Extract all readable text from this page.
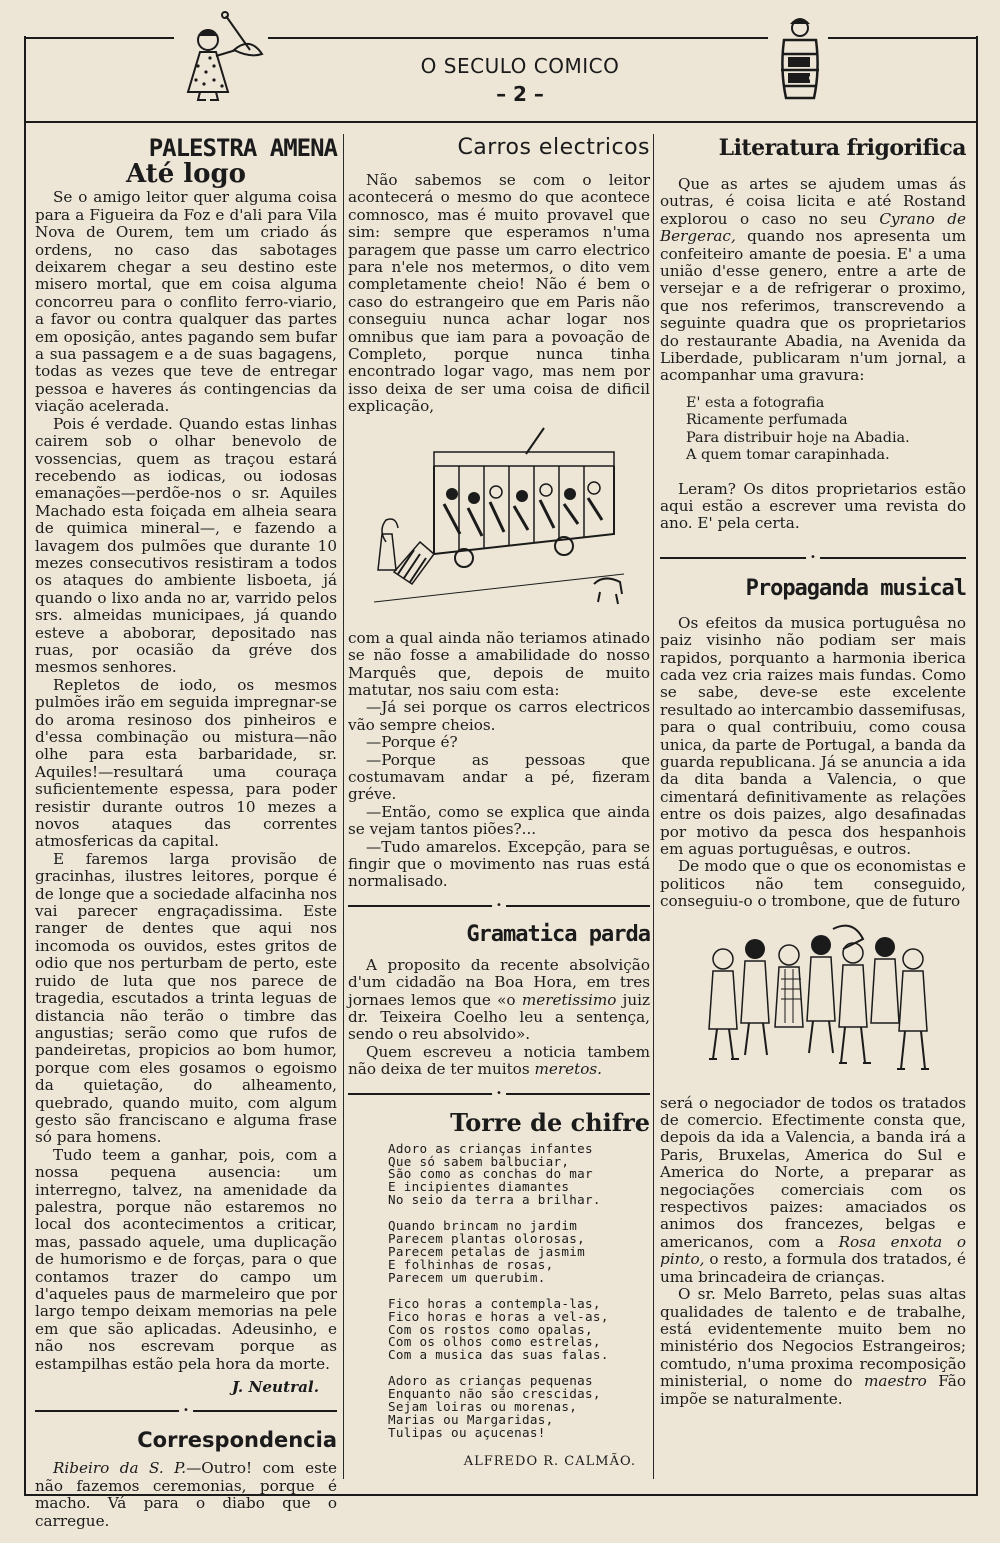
O SECULO COMICO
– 2 –
PALESTRA AMENA
Até logo

Se o amigo leitor quer alguma coisa para a Figueira da Foz e d'ali para Vila Nova de Ourem, tem um criado ás ordens, no caso das sabotages deixarem chegar a seu destino este misero mortal, que em coisa alguma concorreu para o conflito ferro-viario, a favor ou contra qualquer das partes em oposição, antes pagando sem bufar a sua passagem e a de suas bagagens, todas as vezes que teve de entregar pessoa e haveres ás contingencias da viação acelerada.

Pois é verdade. Quando estas linhas cairem sob o olhar benevolo de vossencias, quem as traçou estará recebendo as iodicas, ou iodosas emanações—perdõe-nos o sr. Aquiles Machado esta foiçada em alheia seara de quimica mineral—, e fazendo a lavagem dos pulmões que durante 10 mezes consecutivos resistiram a todos os ataques do ambiente lisboeta, já quando o lixo anda no ar, varrido pelos srs. almeidas municipaes, já quando esteve a aboborar, depositado nas ruas, por ocasião da gréve dos mesmos senhores.

Repletos de iodo, os mesmos pulmões irão em seguida impregnar-se do aroma resinoso dos pinheiros e d'essa combinação ou mistura—não olhe para esta barbaridade, sr. Aquiles!—resultará uma couraça suficientemente espessa, para poder resistir durante outros 10 mezes a novos ataques das correntes atmosfericas da capital.

E faremos larga provisão de gracinhas, ilustres leitores, porque é de longe que a sociedade alfacinha nos vai parecer engraçadissima. Este ranger de dentes que aqui nos incomoda os ouvidos, estes gritos de odio que nos perturbam de perto, este ruido de luta que nos parece de tragedia, escutados a trinta leguas de distancia não terão o timbre das angustias; serão como que rufos de pandeiretas, propicios ao bom humor, porque com eles gosamos o egoismo da quietação, do alheamento, quebrado, quando muito, com algum gesto são franciscano e alguma frase só para homens.

Tudo teem a ganhar, pois, com a nossa pequena ausencia: um interregno, talvez, na amenidade da palestra, porque não estaremos no local dos acontecimentos a criticar, mas, passado aquele, uma duplicação de humorismo e de forças, para o que contamos trazer do campo um d'aqueles paus de marmeleiro que por largo tempo deixam memorias na pele em que são aplicadas. Adeusinho, e não nos escrevam porque as estampilhas estão pela hora da morte.

J. Neutral.
•
Correspondencia

Ribeiro da S. P.—Outro! com este não fazemos ceremonias, porque é macho. Vá para o diabo que o carregue.

Carros electricos

Não sabemos se com o leitor acontecerá o mesmo do que acontece comnosco, mas é muito provavel que sim: sempre que esperamos n'uma paragem que passe um carro electrico para n'ele nos metermos, o dito vem completamente cheio! Não é bem o caso do estrangeiro que em Paris não conseguiu nunca achar logar nos omnibus que iam para a povoação de Completo, porque nunca tinha encontrado logar vago, mas nem por isso deixa de ser uma coisa de dificil explicação,

com a qual ainda não teriamos atinado se não fosse a amabilidade do nosso Marquês que, depois de muito matutar, nos saiu com esta:

—Já sei porque os carros electricos vão sempre cheios.

—Porque é?

—Porque as pessoas que costumavam andar a pé, fizeram gréve.

—Então, como se explica que ainda se vejam tantos piões?...

—Tudo amarelos. Excepção, para se fingir que o movimento nas ruas está normalisado.

•
Gramatica parda

A proposito da recente absolvição d'um cidadão na Boa Hora, em tres jornaes lemos que «o meretissimo juiz dr. Teixeira Coelho leu a sentença, sendo o reu absolvido».

Quem escreveu a noticia tambem não deixa de ter muitos meretos.

•
Torre de chifre
Adoro as crianças infantes
Que só sabem balbuciar,
São como as conchas do mar
E incipientes diamantes
No seio da terra a brilhar.
Quando brincam no jardim
Parecem plantas olorosas,
Parecem petalas de jasmim
E folhinhas de rosas,
Parecem um querubim.
Fico horas a contempla-las,
Fico horas e horas a vel-as,
Com os rostos como opalas,
Com os olhos como estrelas,
Com a musica das suas falas.
Adoro as crianças pequenas
Enquanto não são crescidas,
Sejam loiras ou morenas,
Marias ou Margaridas,
Tulipas ou açucenas!
ALFREDO R. CALMÃO.
Literatura frigorifica

Que as artes se ajudem umas ás outras, é coisa licita e até Rostand explorou o caso no seu Cyrano de Bergerac, quando nos apresenta um confeiteiro amante de poesia. E' a uma união d'esse genero, entre a arte de versejar e a de refrigerar o proximo, que nos referimos, transcrevendo a seguinte quadra que os proprietarios do restaurante Abadia, na Avenida da Liberdade, publicaram n'um jornal, a acompanhar uma gravura:

E' esta a fotografia
Ricamente perfumada
Para distribuir hoje na Abadia.
A quem tomar carapinhada.

Leram? Os ditos proprietarios estão aqui estão a escrever uma revista do ano. E' pela certa.

•
Propaganda musical

Os efeitos da musica portuguêsa no paiz visinho não podiam ser mais rapidos, porquanto a harmonia iberica cada vez cria raizes mais fundas. Como se sabe, deve-se este excelente resultado ao intercambio dassemifusas, para o qual contribuiu, como cousa unica, da parte de Portugal, a banda da guarda republicana. Já se anuncia a ida da dita banda a Valencia, o que cimentará definitivamente as relações entre os dois paizes, algo desafinadas por motivo da pesca dos hespanhois em aguas portuguêsas, e outros.

De modo que o que os economistas e politicos não tem conseguido, conseguiu-o o trombone, que de futuro

será o negociador de todos os tratados de comercio. Efectimente consta que, depois da ida a Valencia, a banda irá a Paris, Bruxelas, America do Sul e America do Norte, a preparar as negociações comerciais com os respectivos paizes: amaciados os animos dos francezes, belgas e americanos, com a Rosa enxota o pinto, o resto, a formula dos tratados, é uma brincadeira de crianças.

O sr. Melo Barreto, pelas suas altas qualidades de talento e de trabalhe, está evidentemente muito bem no ministério dos Negocios Estrangeiros; comtudo, n'uma proxima recomposição ministerial, o nome do maestro Fão impõe se naturalmente.
